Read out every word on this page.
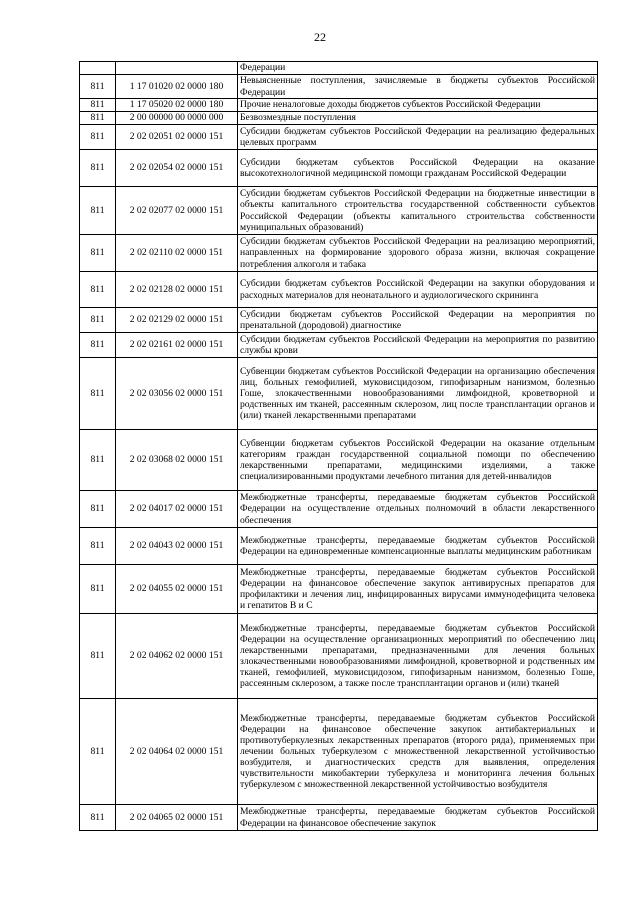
22
		Федерации
811	1 17 01020 02 0000 180	Невыясненные поступления, зачисляемые в бюджеты субъектов Российской Федерации
811	1 17 05020 02 0000 180	Прочие неналоговые доходы бюджетов субъектов Российской Федерации
811	2 00 00000 00 0000 000	Безвозмездные поступления
811	2 02 02051 02 0000 151	Субсидии бюджетам субъектов Российской Федерации на реализацию федеральных целевых программ
811	2 02 02054 02 0000 151	Субсидии бюджетам субъектов Российской Федерации на оказание высокотехнологичной медицинской помощи гражданам Российской Федерации
811	2 02 02077 02 0000 151	Субсидии бюджетам субъектов Российской Федерации на бюджетные инвестиции в объекты капитального строительства государственной собственности субъектов Российской Федерации (объекты капитального строительства собственности муниципальных образований)
811	2 02 02110 02 0000 151	Субсидии бюджетам субъектов Российской Федерации на реализацию мероприятий, направленных на формирование здорового образа жизни, включая сокращение потребления алкоголя и табака
811	2 02 02128 02 0000 151	Субсидии бюджетам субъектов Российской Федерации на закупки оборудования и расходных материалов для неонатального и аудиологического скрининга
811	2 02 02129 02 0000 151	Субсидии бюджетам субъектов Российской Федерации на мероприятия по пренатальной (дородовой) диагностике
811	2 02 02161 02 0000 151	Субсидии бюджетам субъектов Российской Федерации на мероприятия по развитию службы крови
811	2 02 03056 02 0000 151	Субвенции бюджетам субъектов Российской Федерации на организацию обеспечения лиц, больных гемофилией, муковисцидозом, гипофизарным нанизмом, болезнью Гоше, злокачественными новообразованиями лимфоидной, кроветворной и родственных им тканей, рассеянным склерозом, лиц после трансплантации органов и (или) тканей лекарственными препаратами
811	2 02 03068 02 0000 151	Субвенции бюджетам субъектов Российской Федерации на оказание отдельным категориям граждан государственной социальной помощи по обеспечению лекарственными препаратами, медицинскими изделиями, а также специализированными продуктами лечебного питания для детей-инвалидов
811	2 02 04017 02 0000 151	Межбюджетные трансферты, передаваемые бюджетам субъектов Российской Федерации на осуществление отдельных полномочий в области лекарственного обеспечения
811	2 02 04043 02 0000 151	Межбюджетные трансферты, передаваемые бюджетам субъектов Российской Федерации на единовременные компенсационные выплаты медицинским работникам
811	2 02 04055 02 0000 151	Межбюджетные трансферты, передаваемые бюджетам субъектов Российской Федерации на финансовое обеспечение закупок антивирусных препаратов для профилактики и лечения лиц, инфицированных вирусами иммунодефицита человека и гепатитов B и C
811	2 02 04062 02 0000 151	Межбюджетные трансферты, передаваемые бюджетам субъектов Российской Федерации на осуществление организационных мероприятий по обеспечению лиц лекарственными препаратами, предназначенными для лечения больных злокачественными новообразованиями лимфоидной, кроветворной и родственных им тканей, гемофилией, муковисцидозом, гипофизарным нанизмом, болезнью Гоше, рассеянным склерозом, а также после трансплантации органов и (или) тканей
811	2 02 04064 02 0000 151	Межбюджетные трансферты, передаваемые бюджетам субъектов Российской Федерации на финансовое обеспечение закупок антибактериальных и противотуберкулезных лекарственных препаратов (второго ряда), применяемых при лечении больных туберкулезом с множественной лекарственной устойчивостью возбудителя, и диагностических средств для выявления, определения чувствительности микобактерии туберкулеза и мониторинга лечения больных туберкулезом с множественной лекарственной устойчивостью возбудителя
811	2 02 04065 02 0000 151	Межбюджетные трансферты, передаваемые бюджетам субъектов Российской Федерации на финансовое обеспечение закупок
